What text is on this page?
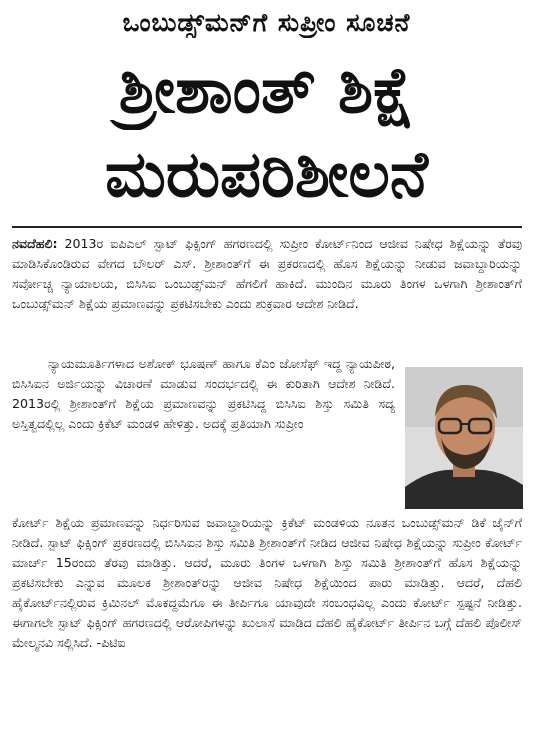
ಒಂಬುಡ್ಸ್‌ಮನ್‌ಗೆ ಸುಪ್ರೀಂ ಸೂಚನೆ
ಶ್ರೀಶಾಂತ್ ಶಿಕ್ಷೆ
ಮರುಪರಿಶೀಲನೆ
ನವದೆಹಲಿ: 2013ರ ಐಪಿಎಲ್ ಸ್ಪಾಟ್ ಫಿಕ್ಸಿಂಗ್ ಹಗರಣದಲ್ಲಿ ಸುಪ್ರೀಂ ಕೋರ್ಟ್‌ನಿಂದ ಆಜೀವ ನಿಷೇಧ ಶಿಕ್ಷೆಯನ್ನು ತೆರವು ಮಾಡಿಸಿಕೊಂಡಿರುವ ವೇಗದ ಬೌಲರ್ ಎಸ್. ಶ್ರೀಶಾಂತ್‌ಗೆ ಈ ಪ್ರಕರಣದಲ್ಲಿ ಹೊಸ ಶಿಕ್ಷೆಯನ್ನು ನೀಡುವ ಜವಾಬ್ದಾರಿಯನ್ನು ಸರ್ವೋಚ್ಚ ನ್ಯಾಯಾಲಯ, ಬಿಸಿಸಿಐ ಒಂಬುಡ್ಸ್‌ಮನ್ ಹೆಗಲಿಗೆ ಹಾಕಿದೆ. ಮುಂದಿನ ಮೂರು ತಿಂಗಳ ಒಳಗಾಗಿ ಶ್ರೀಶಾಂತ್‌ಗೆ ಒಂಬುಡ್ಸ್‌ಮನ್ ಶಿಕ್ಷೆಯ ಪ್ರಮಾಣವನ್ನು ಪ್ರಕಟಿಸಬೇಕು ಎಂದು ಶುಕ್ರವಾರ ಆದೇಶ ನೀಡಿದೆ.
ನ್ಯಾಯಮೂರ್ತಿಗಳಾದ ಅಶೋಕ್ ಭೂಷಣ್ ಹಾಗೂ ಕೆಎಂ ಜೋಸೆಫ್ ಇದ್ದ ನ್ಯಾಯಪೀಠ, ಬಿಸಿಸಿಐನ ಅರ್ಜಿಯನ್ನು ವಿಚಾರಣೆ ಮಾಡುವ ಸಂದರ್ಭದಲ್ಲಿ ಈ ಕುರಿತಾಗಿ ಆದೇಶ ನೀಡಿದೆ. 2013ರಲ್ಲಿ ಶ್ರೀಶಾಂತ್‌ಗೆ ಶಿಕ್ಷೆಯ ಪ್ರಮಾಣವನ್ನು ಪ್ರಕಟಿಸಿದ್ದ ಬಿಸಿಸಿಐ ಶಿಸ್ತು ಸಮಿತಿ ಸದ್ಯ ಅಸ್ತಿತ್ವದಲ್ಲಿಲ್ಲ ಎಂದು ಕ್ರಿಕೆಟ್ ಮಂಡಳಿ ಹೇಳಿತ್ತು. ಅದಕ್ಕೆ ಪ್ರತಿಯಾಗಿ ಸುಪ್ರೀಂ
ಕೋರ್ಟ್ ಶಿಕ್ಷೆಯ ಪ್ರಮಾಣವನ್ನು ನಿರ್ಧರಿಸುವ ಜವಾಬ್ದಾರಿಯನ್ನು ಕ್ರಿಕೆಟ್ ಮಂಡಳಿಯ ನೂತನ ಒಂಬುಡ್ಸ್‌ಮನ್ ಡಿಕೆ ಜೈನ್‌ಗೆ ನೀಡಿದೆ. ಸ್ಪಾಟ್ ಫಿಕ್ಸಿಂಗ್ ಪ್ರಕರಣದಲ್ಲಿ ಬಿಸಿಸಿಐನ ಶಿಸ್ತು ಸಮಿತಿ ಶ್ರೀಶಾಂತ್‌ಗೆ ನೀಡಿದ ಆಜೀವ ನಿಷೇಧ ಶಿಕ್ಷೆಯನ್ನು ಸುಪ್ರೀಂ ಕೋರ್ಟ್ ಮಾರ್ಚ್ 15ರಂದು ತೆರವು ಮಾಡಿತ್ತು. ಆದರೆ, ಮೂರು ತಿಂಗಳ ಒಳಗಾಗಿ ಶಿಸ್ತು ಸಮಿತಿ ಶ್ರೀಶಾಂತ್‌ಗೆ ಹೊಸ ಶಿಕ್ಷೆಯನ್ನು ಪ್ರಕಟಿಸಬೇಕು ಎನ್ನುವ ಮೂಲಕ ಶ್ರೀಶಾಂತ್‌ರನ್ನು ಆಜೀವ ನಿಷೇಧ ಶಿಕ್ಷೆಯಿಂದ ಪಾರು ಮಾಡಿತ್ತು. ಆದರೆ, ದೆಹಲಿ ಹೈಕೋರ್ಟ್‌ನಲ್ಲಿರುವ ಕ್ರಿಮಿನಲ್ ಮೊಕದ್ದಮೆಗೂ ಈ ತೀರ್ಪಿಗೂ ಯಾವುದೇ ಸಂಬಂಧವಿಲ್ಲ ಎಂದು ಕೋರ್ಟ್ ಸ್ಪಷ್ಟನೆ ನೀಡಿತ್ತು. ಈಗಾಗಲೇ ಸ್ಪಾಟ್ ಫಿಕ್ಸಿಂಗ್ ಹಗರಣದಲ್ಲಿ ಆರೋಪಿಗಳನ್ನು ಖುಲಾಸೆ ಮಾಡಿದ ದೆಹಲಿ ಹೈಕೋರ್ಟ್ ತೀರ್ಪಿನ ಬಗ್ಗೆ ದೆಹಲಿ ಪೊಲೀಸ್ ಮೇಲ್ಮನವಿ ಸಲ್ಲಿಸಿದೆ. -ಪಿಟಿಐ
